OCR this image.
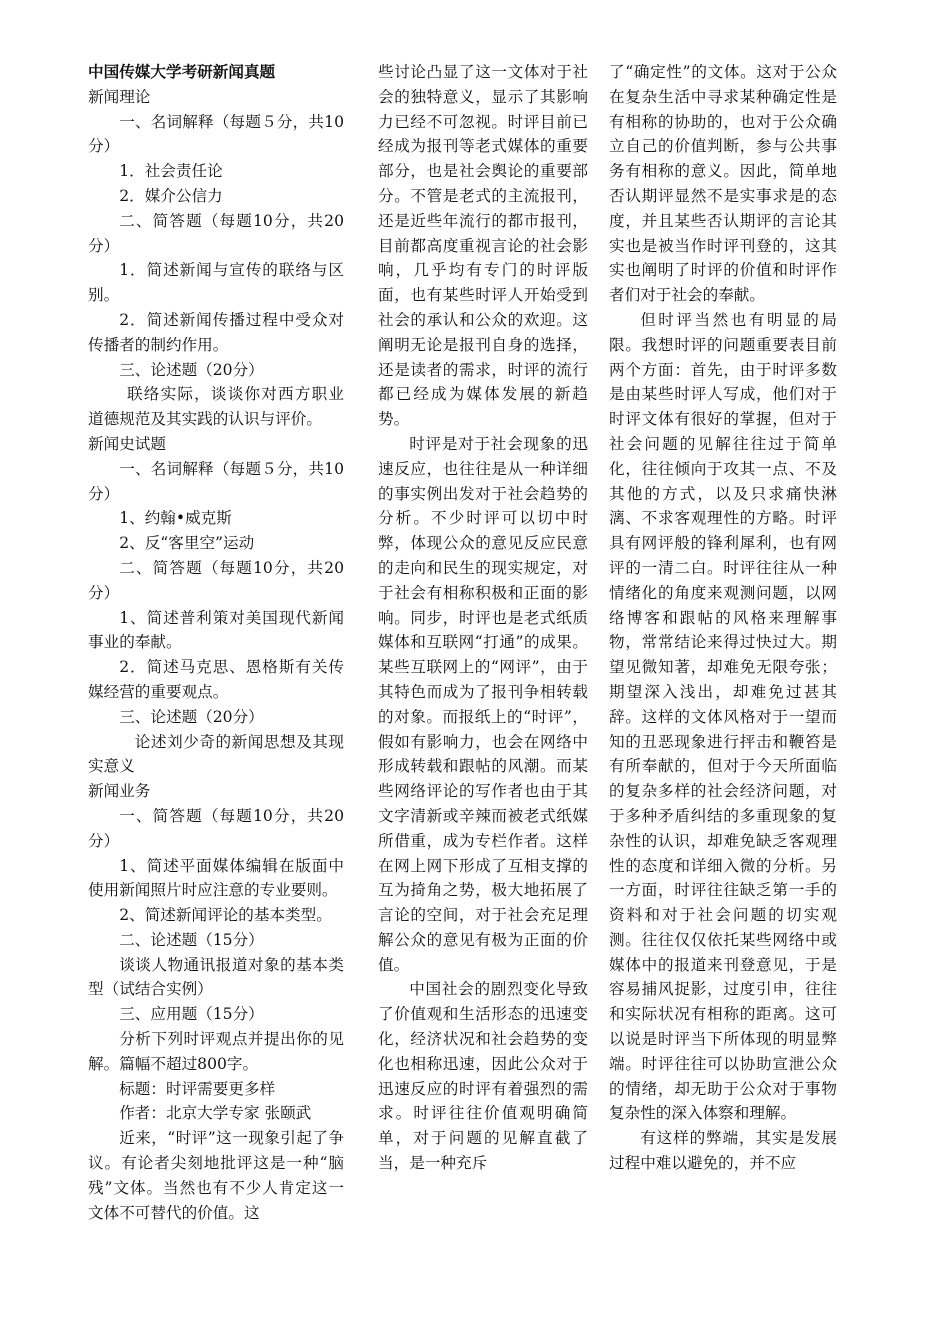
中国传媒大学考研新闻真题

新闻理论

一、名词解释（每题５分，共10分）

1．社会责任论

2．媒介公信力

二、简答题（每题10分，共20分）

1．简述新闻与宣传的联络与区别。

2．简述新闻传播过程中受众对传播者的制约作用。

三、论述题（20分）

联络实际，谈谈你对西方职业道德规范及其实践的认识与评价。

新闻史试题

一、名词解释（每题５分，共10分）

1、约翰•威克斯

2、反“客里空”运动

二、简答题（每题10分，共20分）

1、简述普利策对美国现代新闻事业的奉献。

2．简述马克思、恩格斯有关传媒经营的重要观点。

三、论述题（20分）

论述刘少奇的新闻思想及其现实意义

新闻业务

一、简答题（每题10分，共20分）

1、简述平面媒体编辑在版面中使用新闻照片时应注意的专业要则。

2、简述新闻评论的基本类型。

二、论述题（15分）

谈谈人物通讯报道对象的基本类型（试结合实例）

三、应用题（15分）

分析下列时评观点并提出你的见解。篇幅不超过800字。

标题：时评需要更多样

作者：北京大学专家 张颐武

近来，“时评”这一现象引起了争议。有论者尖刻地批评这是一种“脑残”文体。当然也有不少人肯定这一文体不可替代的价值。这

些讨论凸显了这一文体对于社会的独特意义，显示了其影响力已经不可忽视。时评目前已经成为报刊等老式媒体的重要部分，也是社会舆论的重要部分。不管是老式的主流报刊，还是近些年流行的都市报刊，目前都高度重视言论的社会影响，几乎均有专门的时评版面，也有某些时评人开始受到社会的承认和公众的欢迎。这阐明无论是报刊自身的选择，还是读者的需求，时评的流行都已经成为媒体发展的新趋势。

时评是对于社会现象的迅速反应，也往往是从一种详细的事实例出发对于社会趋势的分析。不少时评可以切中时弊，体现公众的意见反应民意的走向和民生的现实规定，对于社会有相称积极和正面的影响。同步，时评也是老式纸质媒体和互联网“打通”的成果。某些互联网上的“网评”，由于其特色而成为了报刊争相转载的对象。而报纸上的“时评”，假如有影响力，也会在网络中形成转载和跟帖的风潮。而某些网络评论的写作者也由于其文字清新或辛辣而被老式纸媒所借重，成为专栏作者。这样在网上网下形成了互相支撑的互为掎角之势，极大地拓展了言论的空间，对于社会充足理解公众的意见有极为正面的价值。

中国社会的剧烈变化导致了价值观和生活形态的迅速变化，经济状况和社会趋势的变化也相称迅速，因此公众对于迅速反应的时评有着强烈的需求。时评往往价值观明确简单，对于问题的见解直截了当，是一种充斥

了“确定性”的文体。这对于公众在复杂生活中寻求某种确定性是有相称的协助的，也对于公众确立自己的价值判断，参与公共事务有相称的意义。因此，简单地否认期评显然不是实事求是的态度，并且某些否认期评的言论其实也是被当作时评刊登的，这其实也阐明了时评的价值和时评作者们对于社会的奉献。

但时评当然也有明显的局限。我想时评的问题重要表目前两个方面：首先，由于时评多数是由某些时评人写成，他们对于时评文体有很好的掌握，但对于社会问题的见解往往过于简单化，往往倾向于攻其一点、不及其他的方式，以及只求痛快淋漓、不求客观理性的方略。时评具有网评般的锋利犀利，也有网评的一清二白。时评往往从一种情绪化的角度来观测问题，以网络博客和跟帖的风格来理解事物，常常结论来得过快过大。期望见微知著，却难免无限夸张；期望深入浅出，却难免过甚其辞。这样的文体风格对于一望而知的丑恶现象进行抨击和鞭笞是有所奉献的，但对于今天所面临的复杂多样的社会经济问题，对于多种矛盾纠结的多重现象的复杂性的认识，却难免缺乏客观理性的态度和详细入微的分析。另一方面，时评往往缺乏第一手的资料和对于社会问题的切实观测。往往仅仅依托某些网络中或媒体中的报道来刊登意见，于是容易捕风捉影，过度引申，往往和实际状况有相称的距离。这可以说是时评当下所体现的明显弊端。时评往往可以协助宣泄公众的情绪，却无助于公众对于事物复杂性的深入体察和理解。

有这样的弊端，其实是发展过程中难以避免的，并不应
